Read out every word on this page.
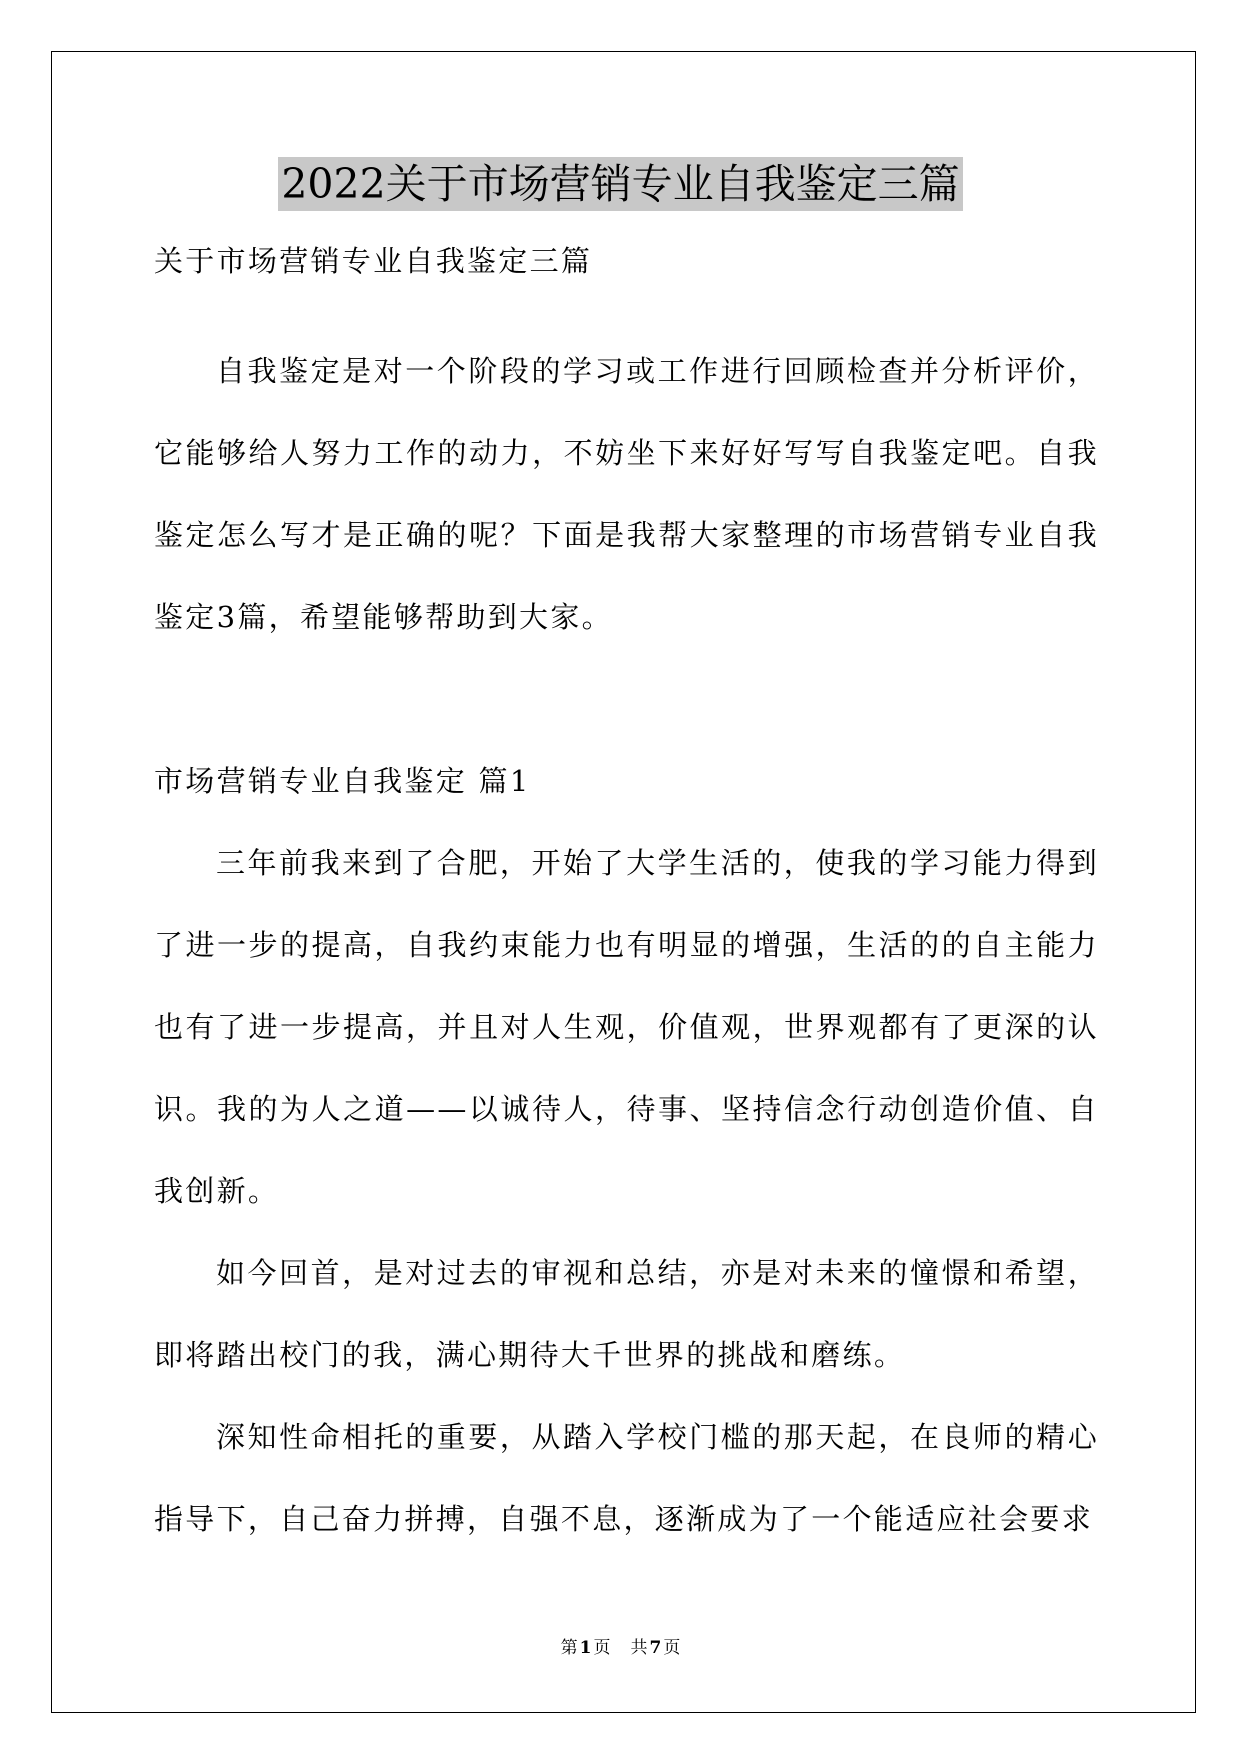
2022关于市场营销专业自我鉴定三篇

关于市场营销专业自我鉴定三篇

自我鉴定是对一个阶段的学习或工作进行回顾检查并分析评价，它能够给人努力工作的动力，不妨坐下来好好写写自我鉴定吧。自我鉴定怎么写才是正确的呢？下面是我帮大家整理的市场营销专业自我鉴定3篇，希望能够帮助到大家。

市场营销专业自我鉴定 篇1

三年前我来到了合肥，开始了大学生活的，使我的学习能力得到了进一步的提高，自我约束能力也有明显的增强，生活的的自主能力也有了进一步提高，并且对人生观，价值观，世界观都有了更深的认识。我的为人之道——以诚待人，待事、坚持信念行动创造价值、自我创新。

如今回首，是对过去的审视和总结，亦是对未来的憧憬和希望，即将踏出校门的我，满心期待大千世界的挑战和磨练。

深知性命相托的重要，从踏入学校门槛的那天起，在良师的精心指导下，自己奋力拼搏，自强不息，逐渐成为了一个能适应社会要求

第 1 页 共 7 页
